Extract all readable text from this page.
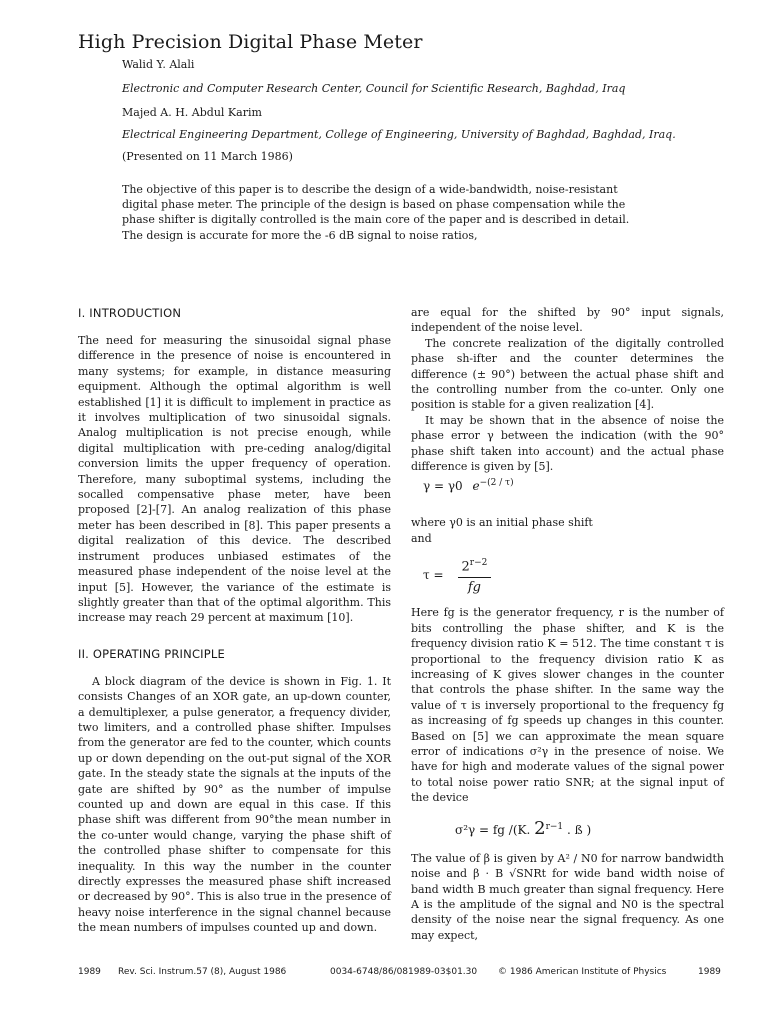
High Precision Digital Phase Meter

Walid Y. Alali

Electronic and Computer Research Center, Council for Scientific Research, Baghdad, Iraq

Majed A. H. Abdul Karim

Electrical Engineering Department, College of Engineering, University of Baghdad, Baghdad, Iraq.

(Presented on 11 March 1986)

The objective of this paper is to describe the design of a wide-bandwidth, noise-resistant digital phase meter. The principle of the design is based on phase compensation while the phase shifter is digitally controlled is the main core of the paper and is described in detail. The design is accurate for more the -6 dB signal to noise ratios,

I. INTRODUCTION

The need for measuring the sinusoidal signal phase difference in the presence of noise is encountered in many systems; for example, in distance measuring equipment. Although the optimal algorithm is well established [1] it is difficult to implement in practice as it involves multiplication of two sinusoidal signals. Analog multiplication is not precise enough, while digital multiplication with pre-ceding analog/digital conversion limits the upper frequency of operation. Therefore, many suboptimal systems, including the socalled compensative phase meter, have been proposed [2]-[7]. An analog realization of this phase meter has been described in [8]. This paper presents a digital realization of this device. The described instrument produces unbiased estimates of the measured phase independent of the noise level at the input [5]. However, the variance of the estimate is slightly greater than that of the optimal algorithm. This increase may reach 29 percent at maximum [10].

II. OPERATING PRINCIPLE

A block diagram of the device is shown in Fig. 1. It consists Changes of an XOR gate, an up-down counter, a demultiplexer, a pulse generator, a frequency divider, two limiters, and a controlled phase shifter. Impulses from the generator are fed to the counter, which counts up or down depending on the out-put signal of the XOR gate. In the steady state the signals at the inputs of the gate are shifted by 90° as the number of impulse counted up and down are equal in this case. If this phase shift was different from 90°the mean number in the co-unter would change, varying the phase shift of the controlled phase shifter to compensate for this inequality. In this way the number in the counter directly expresses the measured phase shift increased or decreased by 90°. This is also true in the presence of heavy noise interference in the signal channel because the mean numbers of impulses counted up and down.

are equal for the shifted by 90° input signals, independent of the noise level.

The concrete realization of the digitally controlled phase sh-ifter and the counter determines the difference (± 90°) between the actual phase shift and the controlling number from the co-unter. Only one position is stable for a given realization [4].

It may be shown that in the absence of noise the phase error γ between the indication (with the 90° phase shift taken into account) and the actual phase difference is given by [5].

γ = γ0 $e^{-(2 / \tau)}$

where γ0 is an initial phase shift and

$\tau = \frac{2^{r-2}}{fg}$

Here fg is the generator frequency, r is the number of bits controlling the phase shifter, and K is the frequency division ratio K = 512. The time constant τ is proportional to the frequency division ratio K as increasing of K gives slower changes in the counter that controls the phase shifter. In the same way the value of τ is inversely proportional to the frequency fg as increasing of fg speeds up changes in this counter. Based on [5] we can approximate the mean square error of indications σ²γ in the presence of noise. We have for high and moderate values of the signal power to total noise power ratio SNR; at the signal input of the device

σ²γ = fg /(K. $2^{r-1}$ . ß )

The value of β is given by A² / N0 for narrow bandwidth noise and β · B √SNRt for wide band width noise of band width B much greater than signal frequency. Here A is the amplitude of the signal and N0 is the spectral density of the noise near the signal frequency. As one may expect,

1989	Rev. Sci. Instrum.57 (8), August 1986	0034-6748/86/081989-03$01.30	© 1986 American Institute of Physics	1989
